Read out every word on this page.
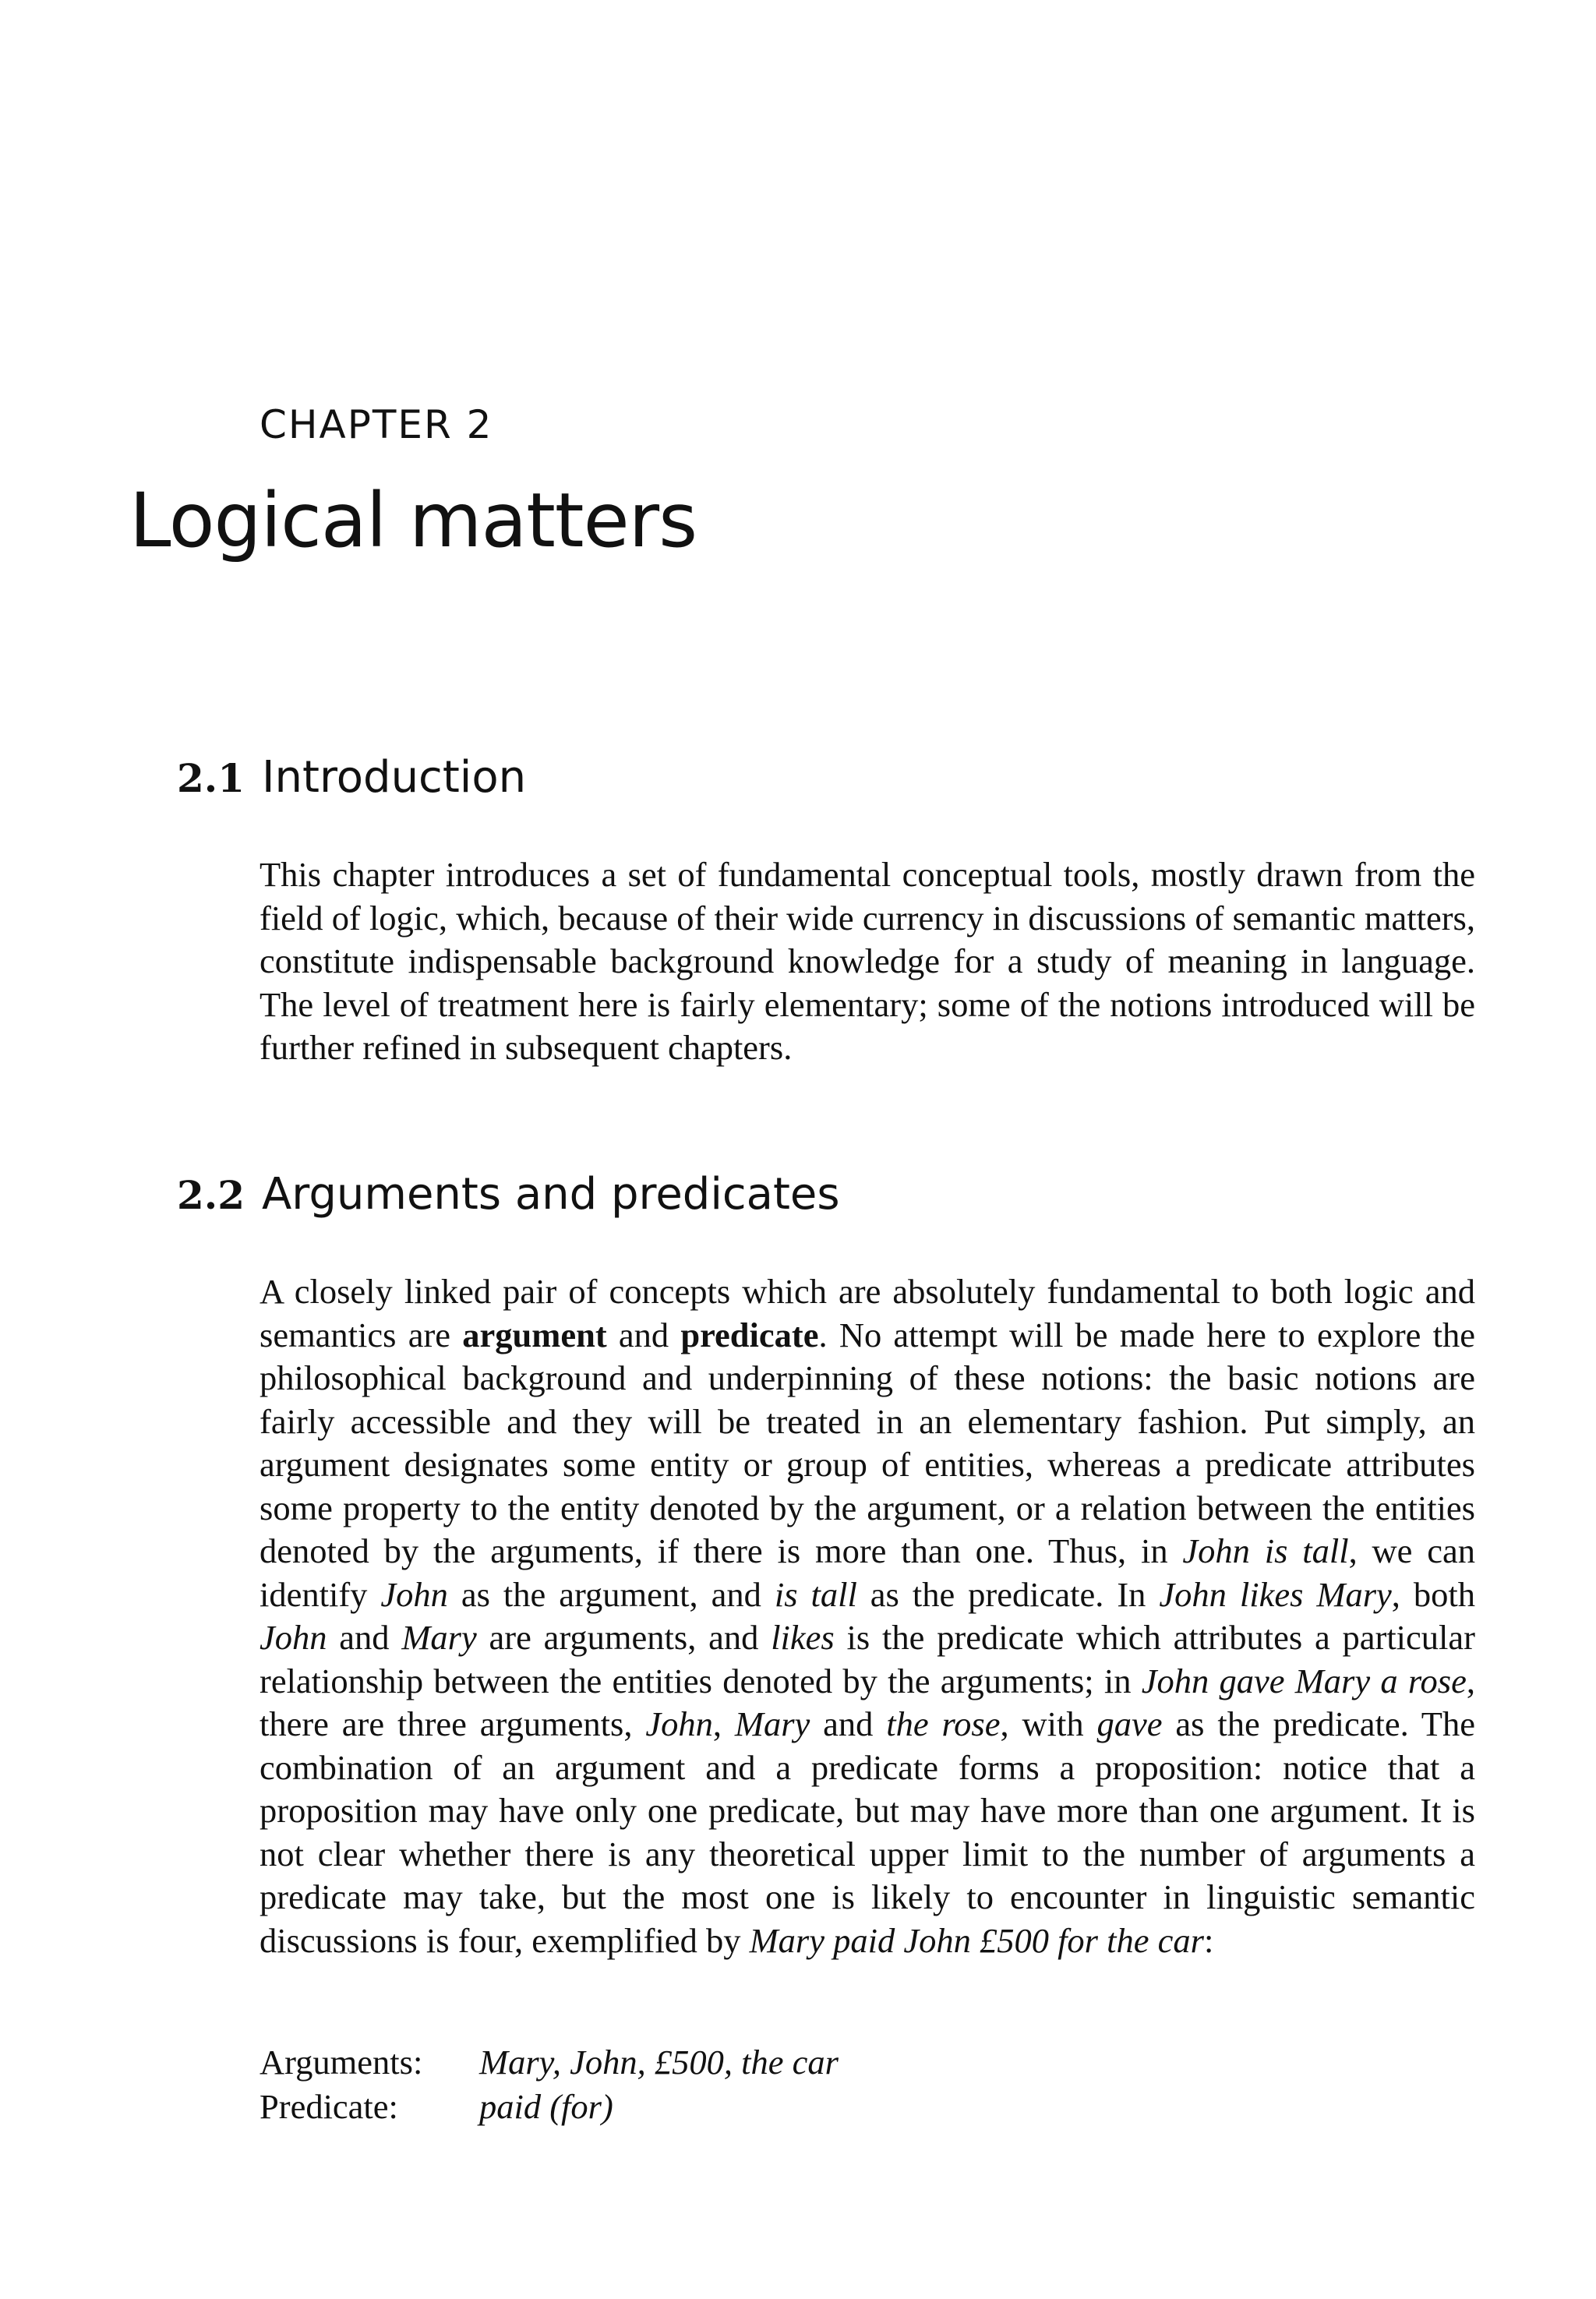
CHAPTER 2
Logical matters
2.1 Introduction

This chapter introduces a set of fundamental conceptual tools, mostly drawn from the field of logic, which, because of their wide currency in discussions of semantic matters, constitute indispensable background knowledge for a study of meaning in language. The level of treatment here is fairly elementary; some of the notions introduced will be further refined in subsequent chapters.

2.2 Arguments and predicates

A closely linked pair of concepts which are absolutely fundamental to both logic and semantics are argument and predicate. No attempt will be made here to explore the philosophical background and underpinning of these notions: the basic notions are fairly accessible and they will be treated in an elementary fashion. Put simply, an argument designates some entity or group of entities, whereas a predicate attributes some property to the entity denoted by the argument, or a relation between the entities denoted by the arguments, if there is more than one. Thus, in John is tall, we can identify John as the argument, and is tall as the predicate. In John likes Mary, both John and Mary are arguments, and likes is the predicate which attributes a particular relationship between the entities denoted by the arguments; in John gave Mary a rose, there are three arguments, John, Mary and the rose, with gave as the predicate. The combination of an argument and a predicate forms a proposition: notice that a proposition may have only one predicate, but may have more than one argument. It is not clear whether there is any theoretical upper limit to the number of arguments a predicate may take, but the most one is likely to encounter in linguistic semantic discussions is four, exemplified by Mary paid John £500 for the car:

Arguments:	Mary, John, £500, the car
Predicate:	paid (for)
